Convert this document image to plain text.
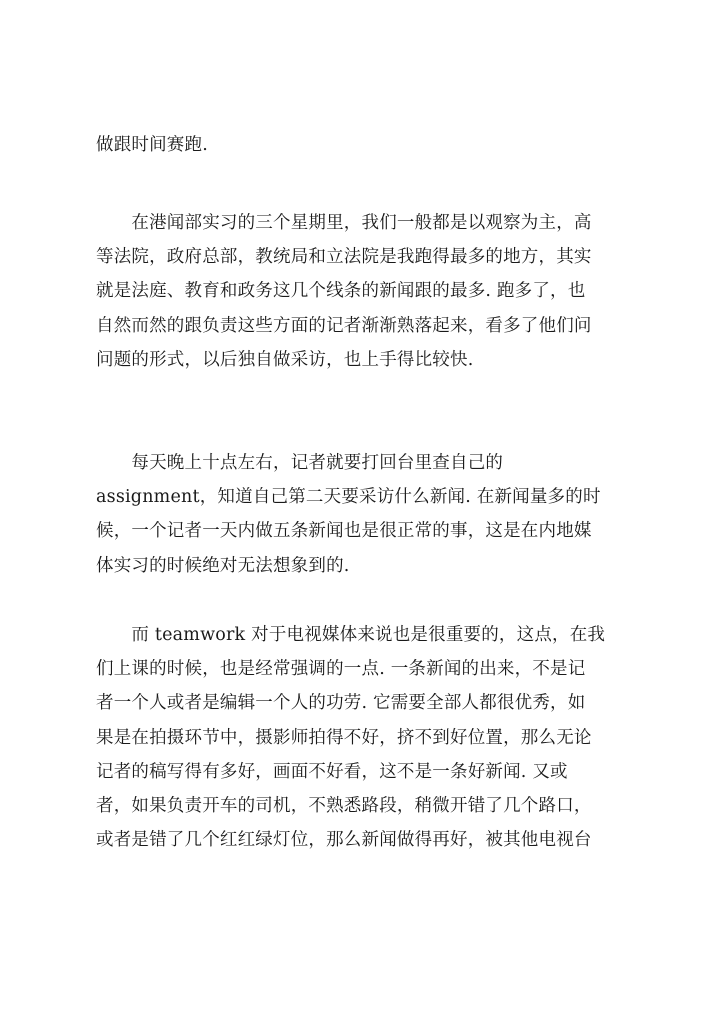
做跟时间赛跑.
　　在港闻部实习的三个星期里，我们一般都是以观察为主，高
等法院，政府总部，教统局和立法院是我跑得最多的地方，其实
就是法庭、教育和政务这几个线条的新闻跟的最多. 跑多了，也
自然而然的跟负责这些方面的记者渐渐熟落起来，看多了他们问
问题的形式，以后独自做采访，也上手得比较快.
　　每天晚上十点左右，记者就要打回台里查自己的
assignment，知道自己第二天要采访什么新闻. 在新闻量多的时
候，一个记者一天内做五条新闻也是很正常的事，这是在内地媒
体实习的时候绝对无法想象到的.
　　而 teamwork 对于电视媒体来说也是很重要的，这点，在我
们上课的时候，也是经常强调的一点. 一条新闻的出来，不是记
者一个人或者是编辑一个人的功劳. 它需要全部人都很优秀，如
果是在拍摄环节中，摄影师拍得不好，挤不到好位置，那么无论
记者的稿写得有多好，画面不好看，这不是一条好新闻. 又或
者，如果负责开车的司机，不熟悉路段，稍微开错了几个路口，
或者是错了几个红红绿灯位，那么新闻做得再好，被其他电视台
